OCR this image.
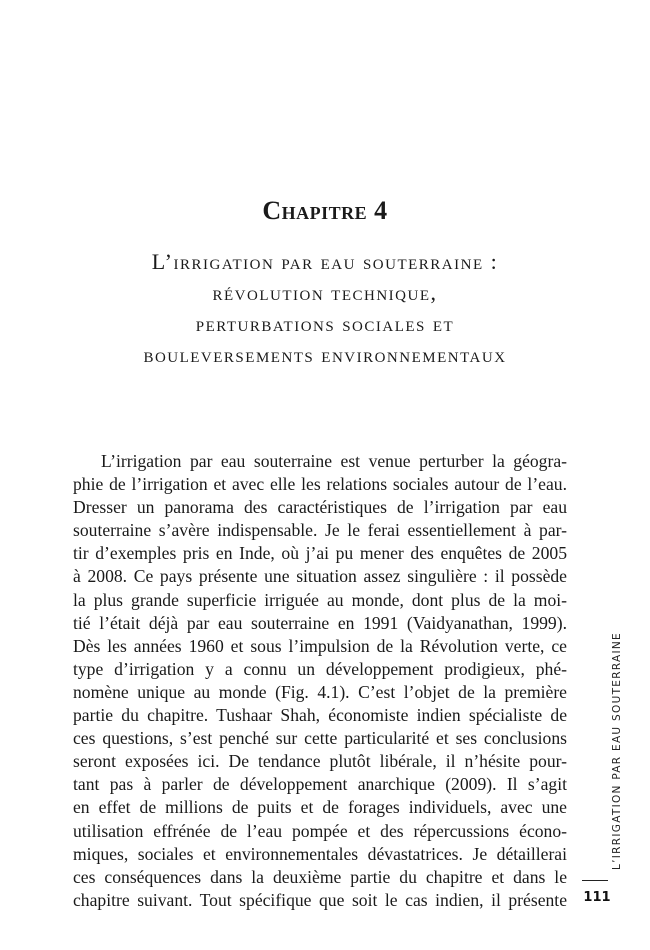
Chapitre 4
L’irrigation par eau souterraine :
révolution technique,
perturbations sociales et
bouleversements environnementaux
L’irrigation par eau souterraine est venue perturber la géogra-
phie de l’irrigation et avec elle les relations sociales autour de l’eau.
Dresser un panorama des caractéristiques de l’irrigation par eau
souterraine s’avère indispensable. Je le ferai essentiellement à par-
tir d’exemples pris en Inde, où j’ai pu mener des enquêtes de 2005
à 2008. Ce pays présente une situation assez singulière : il possède
la plus grande superficie irriguée au monde, dont plus de la moi-
tié l’était déjà par eau souterraine en 1991 (Vaidyanathan, 1999).
Dès les années 1960 et sous l’impulsion de la Révolution verte, ce
type d’irrigation y a connu un développement prodigieux, phé-
nomène unique au monde (Fig. 4.1). C’est l’objet de la première
partie du chapitre. Tushaar Shah, économiste indien spécialiste de
ces questions, s’est penché sur cette particularité et ses conclusions
seront exposées ici. De tendance plutôt libérale, il n’hésite pour-
tant pas à parler de développement anarchique (2009). Il s’agit
en effet de millions de puits et de forages individuels, avec une
utilisation effrénée de l’eau pompée et des répercussions écono-
miques, sociales et environnementales dévastatrices. Je détaillerai
ces conséquences dans la deuxième partie du chapitre et dans le
chapitre suivant. Tout spécifique que soit le cas indien, il présente
L’IRRIGATION PAR EAU SOUTERRAINE
111
